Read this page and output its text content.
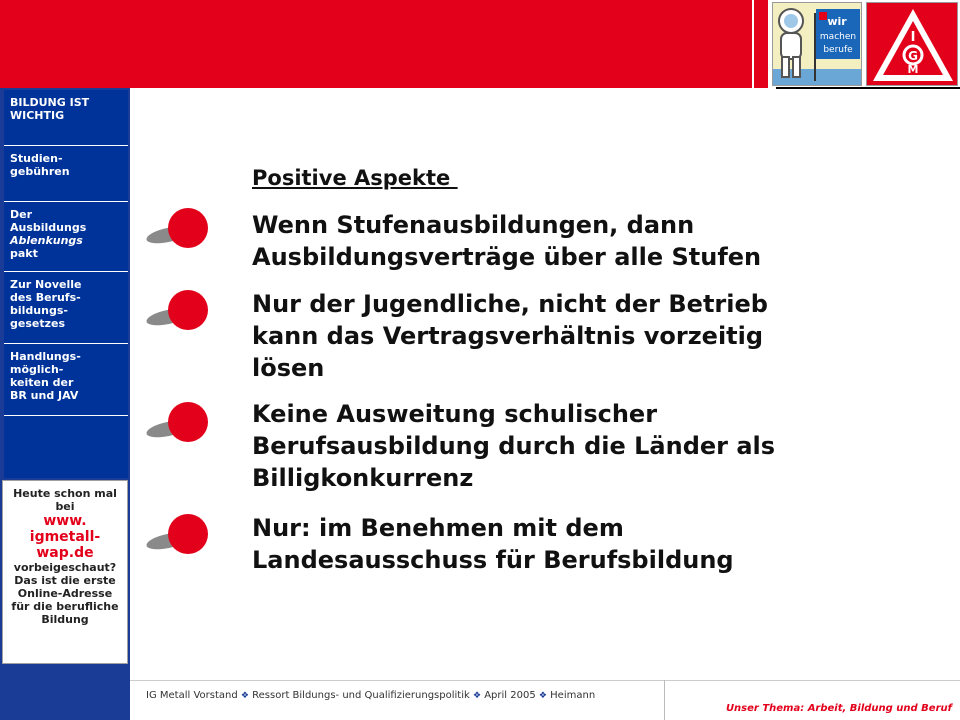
wir
machen
berufe
I
G
M
BILDUNG IST
WICHTIG
Studien-
gebühren
Der
Ausbildungs
Ablenkungs
pakt
Zur Novelle
des Berufs-
bildungs-
gesetzes
Handlungs-
möglich-
keiten der
BR und JAV
Heute schon mal
bei
www.
igmetall-
wap.de
vorbeigeschaut?
Das ist die erste
Online-Adresse
für die berufliche
Bildung
Positive Aspekte
Wenn Stufenausbildungen, dann
Ausbildungsverträge über alle Stufen
Nur der Jugendliche, nicht der Betrieb
kann das Vertragsverhältnis vorzeitig
lösen
Keine Ausweitung schulischer
Berufsausbildung durch die Länder als
Billigkonkurrenz
Nur: im Benehmen mit dem
Landesausschuss für Berufsbildung
IG Metall Vorstand ❖ Ressort Bildungs- und Qualifizierungspolitik ❖ April 2005 ❖ Heimann
Unser Thema: Arbeit, Bildung und Beruf
